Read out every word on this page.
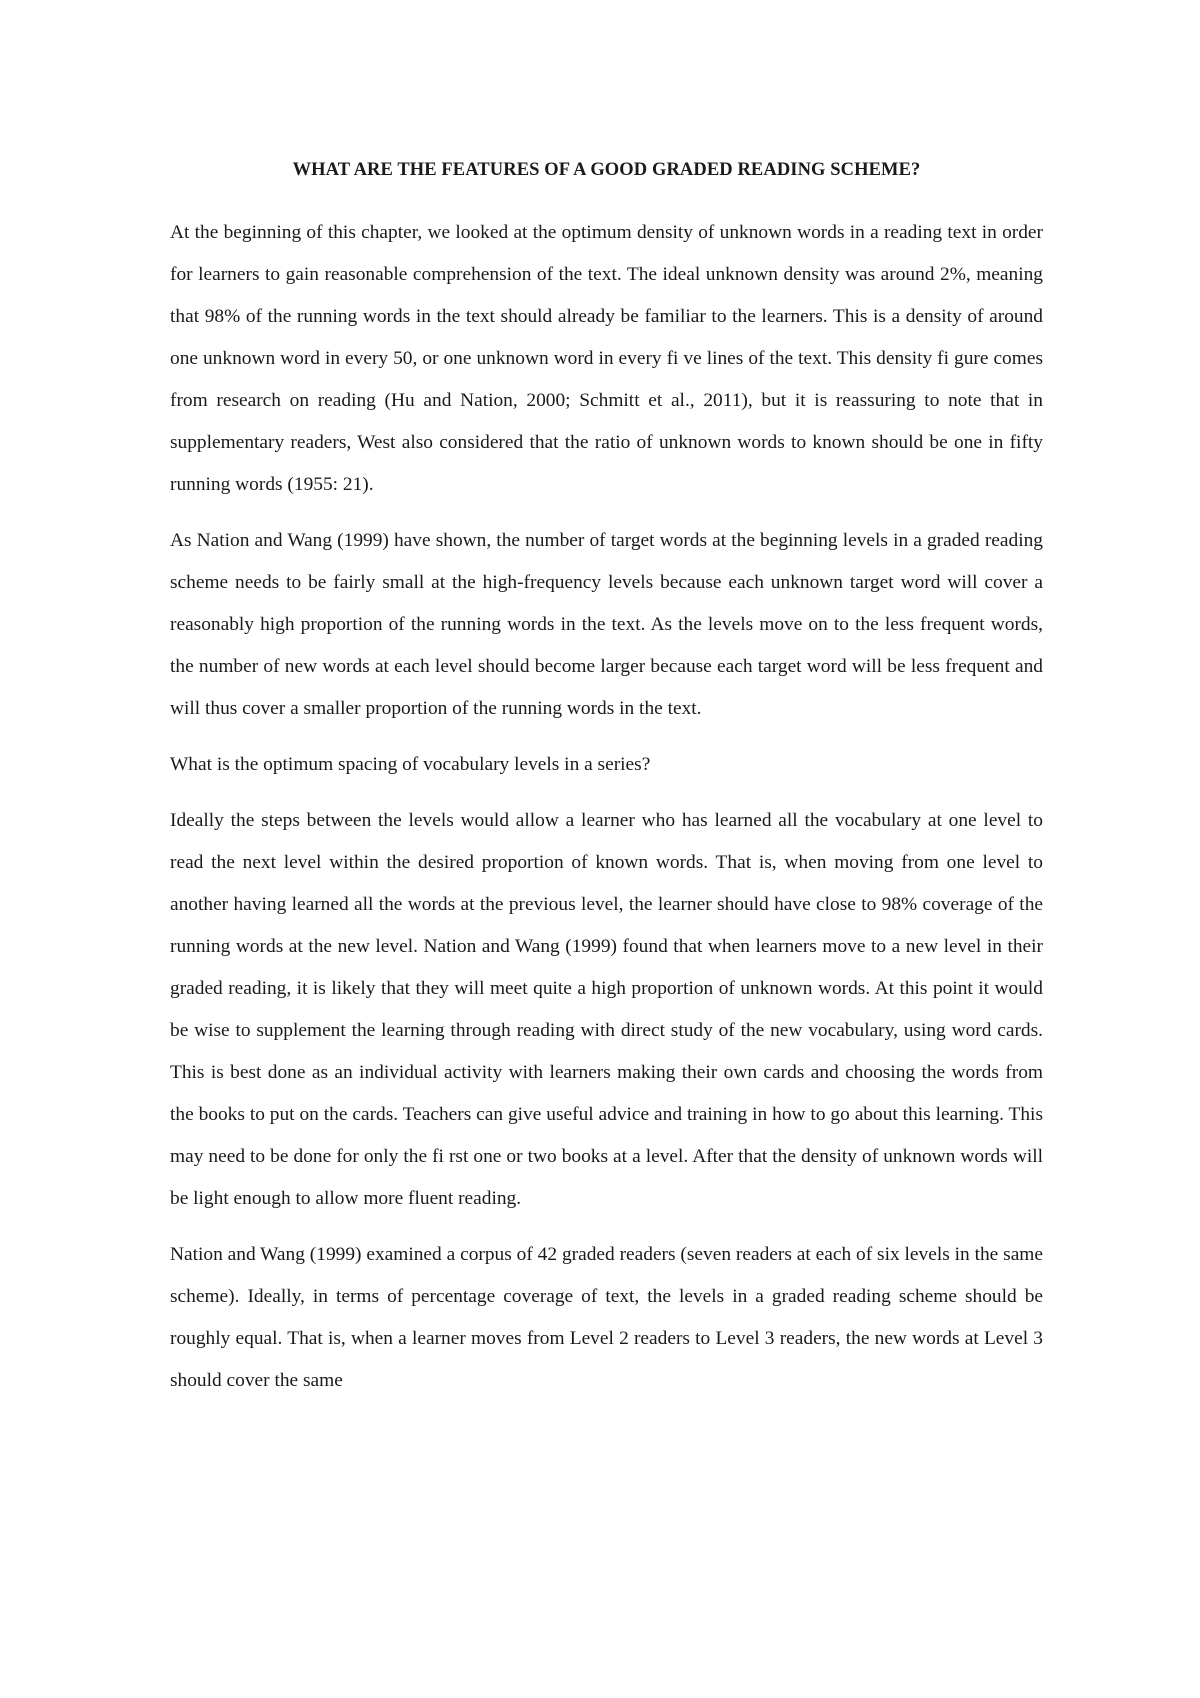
WHAT ARE THE FEATURES OF A GOOD GRADED READING SCHEME?

At the beginning of this chapter, we looked at the optimum density of unknown words in a reading text in order for learners to gain reasonable comprehension of the text. The ideal unknown density was around 2%, meaning that 98% of the running words in the text should already be familiar to the learners. This is a density of around one unknown word in every 50, or one unknown word in every fi ve lines of the text. This density fi gure comes from research on reading (Hu and Nation, 2000; Schmitt et al., 2011), but it is reassuring to note that in supplementary readers, West also considered that the ratio of unknown words to known should be one in fifty running words (1955: 21).

As Nation and Wang (1999) have shown, the number of target words at the beginning levels in a graded reading scheme needs to be fairly small at the high-frequency levels because each unknown target word will cover a reasonably high proportion of the running words in the text. As the levels move on to the less frequent words, the number of new words at each level should become larger because each target word will be less frequent and will thus cover a smaller proportion of the running words in the text.

What is the optimum spacing of vocabulary levels in a series?

Ideally the steps between the levels would allow a learner who has learned all the vocabulary at one level to read the next level within the desired proportion of known words. That is, when moving from one level to another having learned all the words at the previous level, the learner should have close to 98% coverage of the running words at the new level. Nation and Wang (1999) found that when learners move to a new level in their graded reading, it is likely that they will meet quite a high proportion of unknown words. At this point it would be wise to supplement the learning through reading with direct study of the new vocabulary, using word cards. This is best done as an individual activity with learners making their own cards and choosing the words from the books to put on the cards. Teachers can give useful advice and training in how to go about this learning. This may need to be done for only the fi rst one or two books at a level. After that the density of unknown words will be light enough to allow more fluent reading.

Nation and Wang (1999) examined a corpus of 42 graded readers (seven readers at each of six levels in the same scheme). Ideally, in terms of percentage coverage of text, the levels in a graded reading scheme should be roughly equal. That is, when a learner moves from Level 2 readers to Level 3 readers, the new words at Level 3 should cover the same
